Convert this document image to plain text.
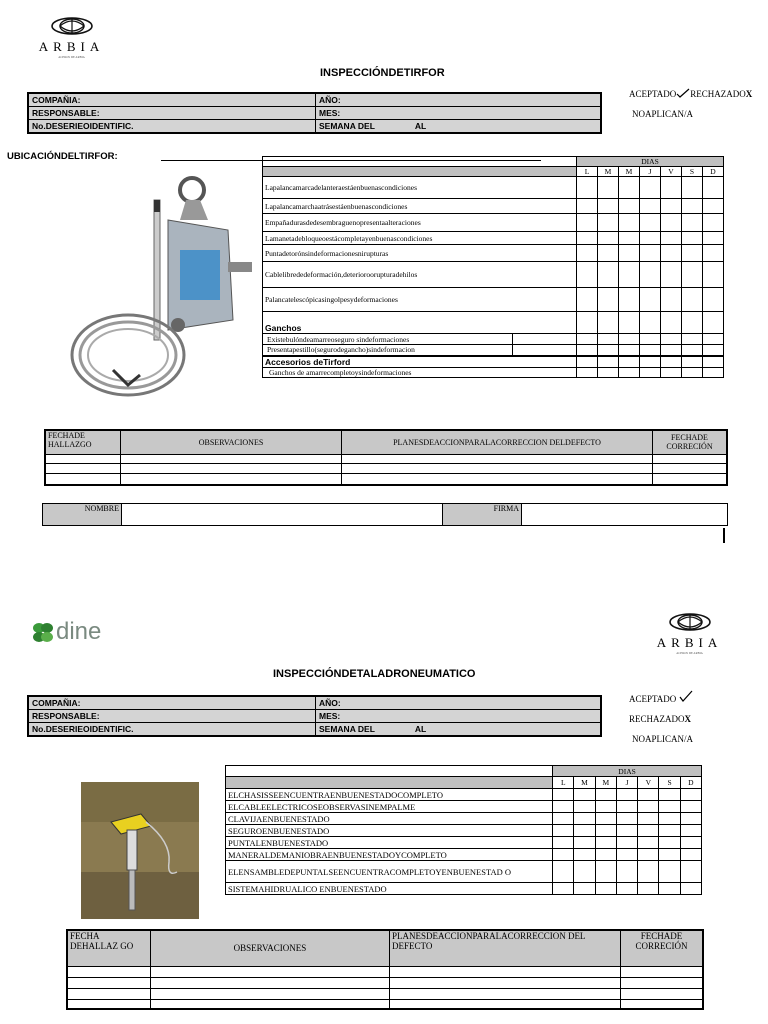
ARBIA
ACEROS DE ARBIA
INSPECCIÓNDETIRFOR
COMPAÑIA:	AÑO:
RESPONSABLE:	MES:
No.DESERIEOIDENTIFIC.	SEMANA DEL AL
ACEPTADO RECHAZADOX
NOAPLICAN/A
UBICACIÓNDELTIRFOR:
			DIAS						
		L	M	M	J	V	S	D
Lapalancamarcadelanteraestáenbuenascondiciones								
Lapalancamarchaatrásestáenbuenascondiciones								
Empañadurasdedesembraguenopresentaalteraciones								
Lamanetadebloqueoestácompletayenbuenascondiciones								
Puntadetorónsindeformacionesnirupturas								
Cablelibrededeformación,deterioroorupturadehilos								
Palancatelescópicasingolpesydeformaciones								
Ganchos								
Existebulóndeamarreoseguro sindeformaciones								
Presentapestillo(segurodegancho)sindeformacion								
Accesorios deTirford								
Ganchos de amarrecompletoysindeformaciones								
FECHADE HALLAZGO	OBSERVACIONES	PLANESDEACCIONPARALACORRECCION DELDEFECTO	FECHADE CORRECIÓN

NOMBRE		FIRMA	
dine	ARBIA
ACEROS DE ARBIA
INSPECCIÓNDETALADRONEUMATICO
COMPAÑIA:	AÑO:
RESPONSABLE:	MES:
No.DESERIEOIDENTIFIC.	SEMANA DEL AL
ACEPTADO
RECHAZADOX
NOAPLICAN/A
	DIAS						
	L	M	M	J	V	S	D
ELCHASISSEENCUENTRAENBUENESTADOCOMPLETO							
ELCABLEELECTRICOSEOBSERVASINEMPALME							
CLAVIJAENBUENESTADO							
SEGUROENBUENESTADO							
PUNTALENBUENESTADO							
MANERALDEMANIOBRAENBUENESTADOYCOMPLETO							
ELENSAMBLEDEPUNTALSEENCUENTRACOMPLETOYENBUENESTAD O							
SISTEMAHIDRUALICO ENBUENESTADO							
FECHA DEHALLAZ GO	OBSERVACIONES	PLANESDEACCIONPARALACORRECCION DEL DEFECTO	FECHADE CORRECIÓN
